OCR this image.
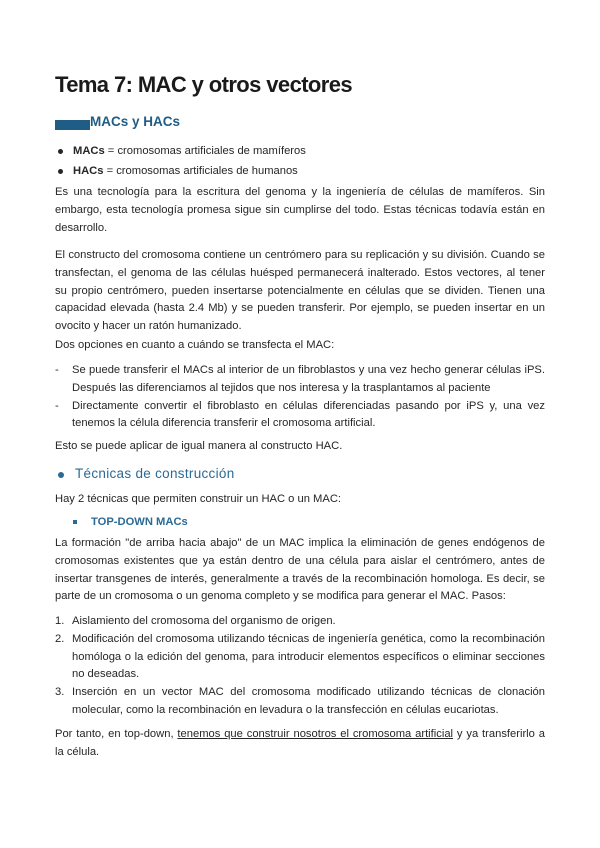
Tema 7: MAC y otros vectores
MACs y HACs
MACs = cromosomas artificiales de mamíferos
HACs = cromosomas artificiales de humanos

Es una tecnología para la escritura del genoma y la ingeniería de células de mamíferos. Sin embargo, esta tecnología promesa sigue sin cumplirse del todo. Estas técnicas todavía están en desarrollo.

El constructo del cromosoma contiene un centrómero para su replicación y su división. Cuando se transfectan, el genoma de las células huésped permanecerá inalterado. Estos vectores, al tener su propio centrómero, pueden insertarse potencialmente en células que se dividen. Tienen una capacidad elevada (hasta 2.4 Mb) y se pueden transferir. Por ejemplo, se pueden insertar en un ovocito y hacer un ratón humanizado.

Dos opciones en cuanto a cuándo se transfecta el MAC:

- Se puede transferir el MACs al interior de un fibroblastos y una vez hecho generar células iPS. Después las diferenciamos al tejidos que nos interesa y la trasplantamos al paciente
- Directamente convertir el fibroblasto en células diferenciadas pasando por iPS y, una vez tenemos la célula diferencia transferir el cromosoma artificial.

Esto se puede aplicar de igual manera al constructo HAC.

Técnicas de construcción

Hay 2 técnicas que permiten construir un HAC o un MAC:

TOP-DOWN MACs

La formación "de arriba hacia abajo" de un MAC implica la eliminación de genes endógenos de cromosomas existentes que ya están dentro de una célula para aislar el centrómero, antes de insertar transgenes de interés, generalmente a través de la recombinación homologa. Es decir, se parte de un cromosoma o un genoma completo y se modifica para generar el MAC. Pasos:

1. Aislamiento del cromosoma del organismo de origen.
2. Modificación del cromosoma utilizando técnicas de ingeniería genética, como la recombinación homóloga o la edición del genoma, para introducir elementos específicos o eliminar secciones no deseadas.
3. Inserción en un vector MAC del cromosoma modificado utilizando técnicas de clonación molecular, como la recombinación en levadura o la transfección en células eucariotas.

Por tanto, en top-down, tenemos que construir nosotros el cromosoma artificial y ya transferirlo a la célula.
